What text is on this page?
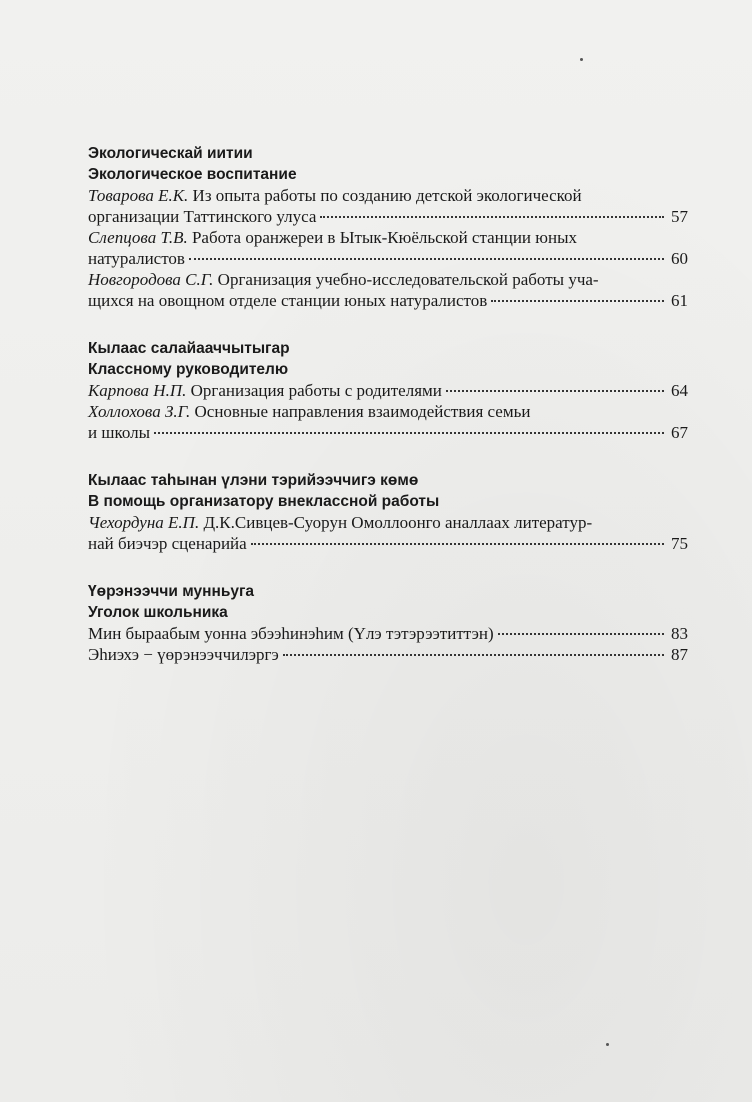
Экологическай иитии
Экологическое воспитание
Товарова Е.К. Из опыта работы по созданию детской экологической
организации Таттинского улуса	57
Слепцова Т.В. Работа оранжереи в Ытык-Кюёльской станции юных
натуралистов	60
Новгородова С.Г. Организация учебно-исследовательской работы уча-
щихся на овощном отделе станции юных натуралистов	61
Кылаас салайааччытыгар
Классному руководителю
Карпова Н.П. Организация работы с родителями	64
Холлохова З.Г. Основные направления взаимодействия семьи
и школы	67
Кылаас таһынан үлэни тэрийээччигэ көмө
В помощь организатору внеклассной работы
Чехордуна Е.П. Д.К.Сивцев-Суорун Омоллоонго аналлаах литератур-
най биэчэр сценарийа	75
Үөрэнээччи мунньуга
Уголок школьника
Мин быраабым уонна эбээһинэһим (Үлэ тэтэрээтиттэн)	83
Эһиэхэ − үөрэнээччилэргэ	87
